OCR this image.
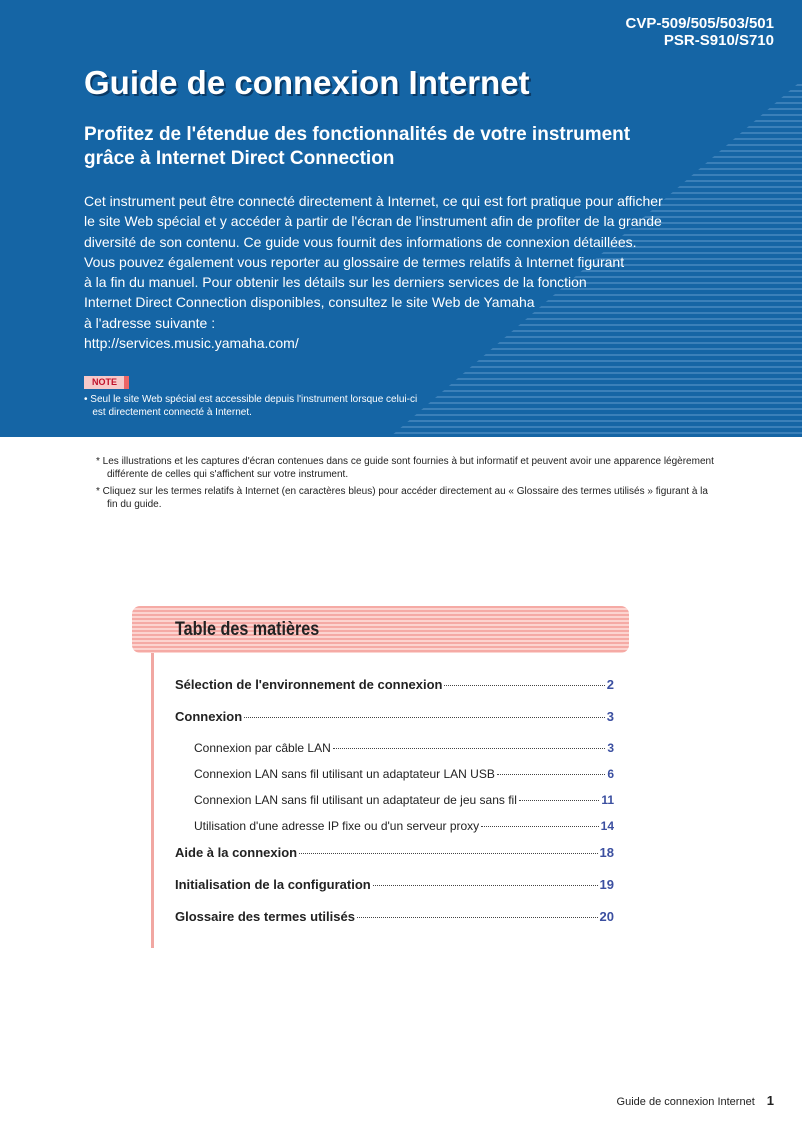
CVP-509/505/503/501
PSR-S910/S710
Guide de connexion Internet
Profitez de l'étendue des fonctionnalités de votre instrument
grâce à Internet Direct Connection
Cet instrument peut être connecté directement à Internet, ce qui est fort pratique pour afficher
le site Web spécial et y accéder à partir de l'écran de l'instrument afin de profiter de la grande
diversité de son contenu. Ce guide vous fournit des informations de connexion détaillées.
Vous pouvez également vous reporter au glossaire de termes relatifs à Internet figurant
à la fin du manuel. Pour obtenir les détails sur les derniers services de la fonction
Internet Direct Connection disponibles, consultez le site Web de Yamaha
à l'adresse suivante :
http://services.music.yamaha.com/
NOTE
• Seul le site Web spécial est accessible depuis l'instrument lorsque celui-ci
est directement connecté à Internet.

* Les illustrations et les captures d'écran contenues dans ce guide sont fournies à but informatif et peuvent avoir une apparence légèrement différente de celles qui s'affichent sur votre instrument.

* Cliquez sur les termes relatifs à Internet (en caractères bleus) pour accéder directement au « Glossaire des termes utilisés » figurant à la fin du guide.

Table des matières
Sélection de l'environnement de connexion	2
Connexion	3
Connexion par câble LAN	3
Connexion LAN sans fil utilisant un adaptateur LAN USB	6
Connexion LAN sans fil utilisant un adaptateur de jeu sans fil	11
Utilisation d'une adresse IP fixe ou d'un serveur proxy	14
Aide à la connexion	18
Initialisation de la configuration	19
Glossaire des termes utilisés	20
Guide de connexion Internet 1
